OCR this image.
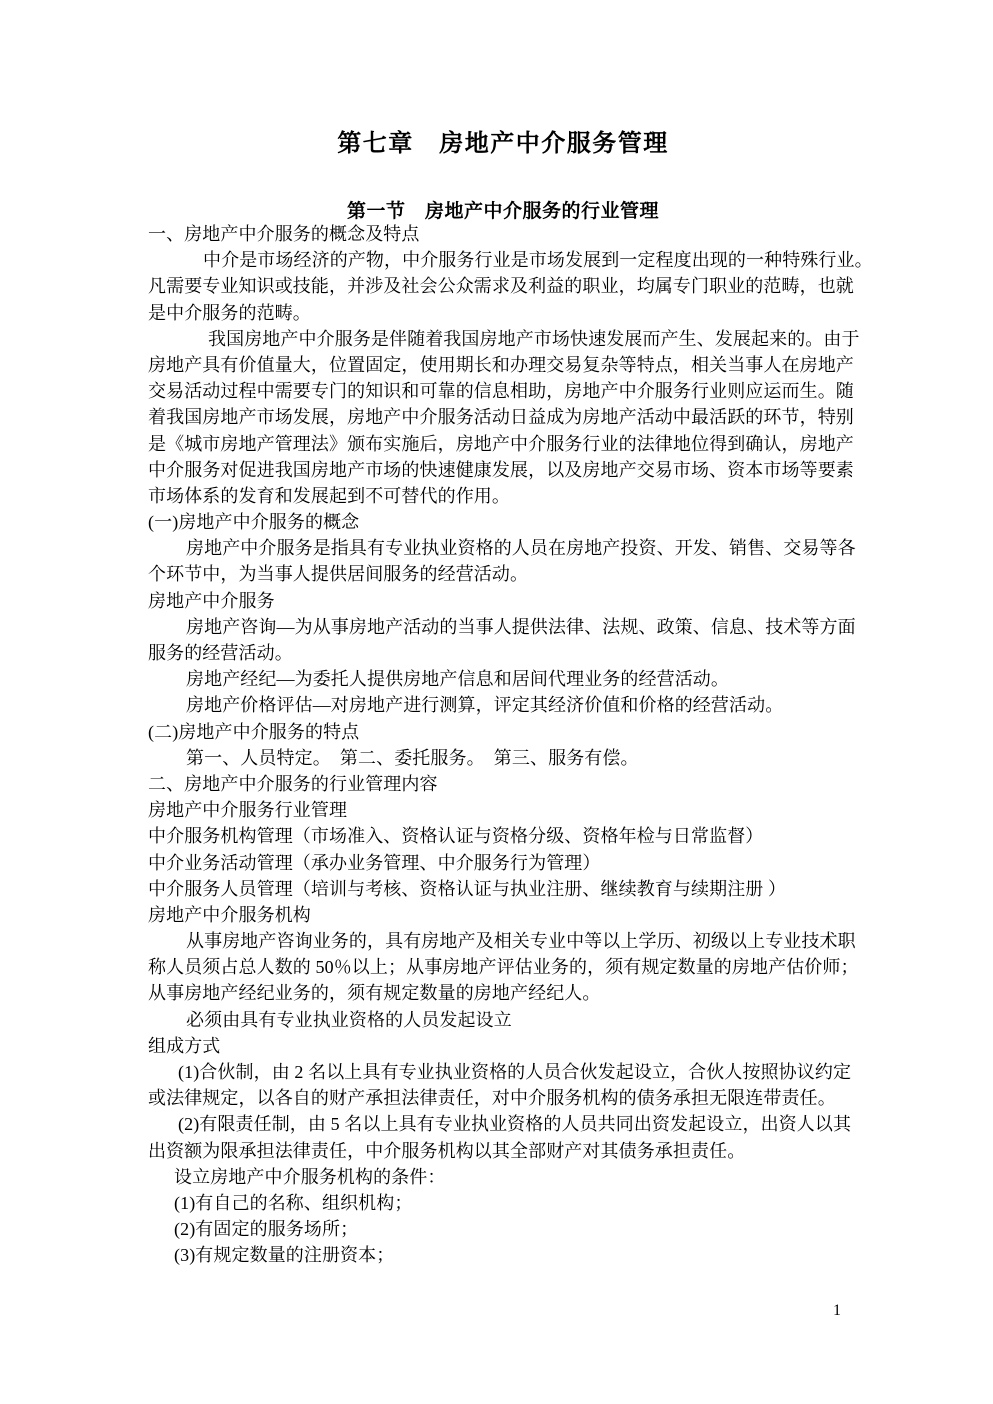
第七章　房地产中介服务管理
第一节　房地产中介服务的行业管理
一、房地产中介服务的概念及特点
中介是市场经济的产物，中介服务行业是市场发展到一定程度出现的一种特殊行业。
凡需要专业知识或技能，并涉及社会公众需求及利益的职业，均属专门职业的范畴，也就
是中介服务的范畴。
我国房地产中介服务是伴随着我国房地产市场快速发展而产生、发展起来的。由于
房地产具有价值量大，位置固定，使用期长和办理交易复杂等特点，相关当事人在房地产
交易活动过程中需要专门的知识和可靠的信息相助，房地产中介服务行业则应运而生。随
着我国房地产市场发展，房地产中介服务活动日益成为房地产活动中最活跃的环节，特别
是《城市房地产管理法》颁布实施后，房地产中介服务行业的法律地位得到确认，房地产
中介服务对促进我国房地产市场的快速健康发展，以及房地产交易市场、资本市场等要素
市场体系的发育和发展起到不可替代的作用。
(一)房地产中介服务的概念
房地产中介服务是指具有专业执业资格的人员在房地产投资、开发、销售、交易等各
个环节中，为当事人提供居间服务的经营活动。
房地产中介服务
房地产咨询—为从事房地产活动的当事人提供法律、法规、政策、信息、技术等方面
服务的经营活动。
房地产经纪—为委托人提供房地产信息和居间代理业务的经营活动。
房地产价格评估—对房地产进行测算，评定其经济价值和价格的经营活动。
(二)房地产中介服务的特点
第一、人员特定。　第二、委托服务。　第三、服务有偿。
二、房地产中介服务的行业管理内容
房地产中介服务行业管理
中介服务机构管理（市场准入、资格认证与资格分级、资格年检与日常监督）
中介业务活动管理（承办业务管理、中介服务行为管理）
中介服务人员管理（培训与考核、资格认证与执业注册、继续教育与续期注册 ）
房地产中介服务机构
从事房地产咨询业务的，具有房地产及相关专业中等以上学历、初级以上专业技术职
称人员须占总人数的 50％以上；从事房地产评估业务的，须有规定数量的房地产估价师；
从事房地产经纪业务的，须有规定数量的房地产经纪人。
必须由具有专业执业资格的人员发起设立
组成方式
(1)合伙制，由 2 名以上具有专业执业资格的人员合伙发起设立，合伙人按照协议约定
或法律规定，以各自的财产承担法律责任，对中介服务机构的债务承担无限连带责任。
(2)有限责任制，由 5 名以上具有专业执业资格的人员共同出资发起设立，出资人以其
出资额为限承担法律责任，中介服务机构以其全部财产对其债务承担责任。
设立房地产中介服务机构的条件：
(1)有自己的名称、组织机构；
(2)有固定的服务场所；
(3)有规定数量的注册资本；
1
